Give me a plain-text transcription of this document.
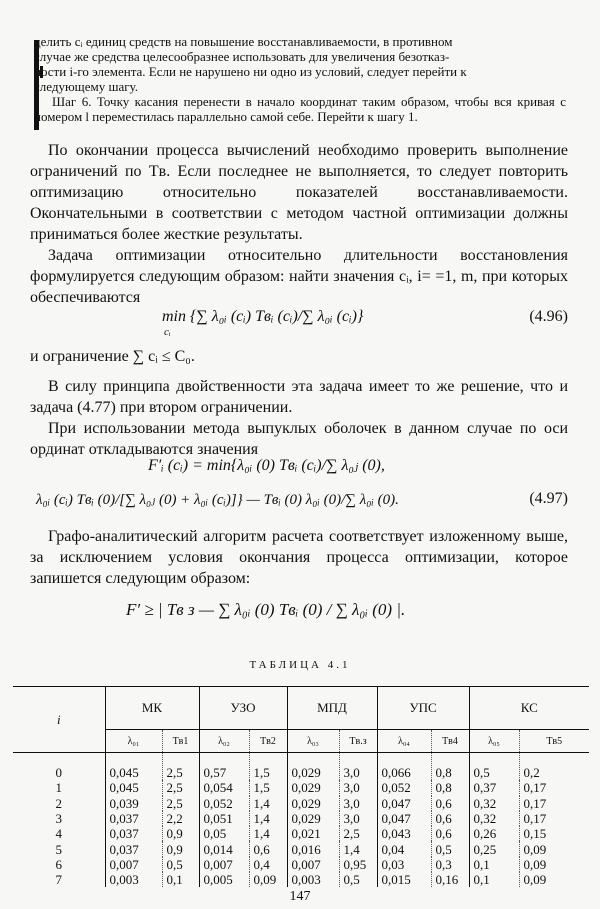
делить cᵢ единиц средств на повышение восстанавливаемости, в противном

случае же средства целесообразнее использовать для увеличения безотказ-

ности i-го элемента. Если не нарушено ни одно из условий, следует перейти к

следующему шагу.

Шаг 6. Точку касания перенести в начало координат таким образом, чтобы вся кривая с номером l переместилась параллельно самой себе. Перейти к шагу 1.

По окончании процесса вычислений необходимо проверить выполнение ограничений по Tв. Если последнее не выполняется, то следует повторить оптимизацию относительно показателей восстанавливаемости. Окончательными в соответствии с методом частной оптимизации должны приниматься более жесткие результаты.

Задача оптимизации относительно длительности восстановления формулируется следующим образом: найти значения cᵢ, i= =1, m, при которых обеспечиваются

min {∑ λ₀ᵢ (cᵢ) Tвᵢ (cᵢ)/∑ λ₀ᵢ (cᵢ)}
cᵢ
(4.96)

и ограничение ∑ cᵢ ≤ C₀.

В силу принципа двойственности эта задача имеет то же решение, что и задача (4.77) при втором ограничении.

При использовании метода выпуклых оболочек в данном случае по оси ординат откладываются значения

F′ᵢ (cᵢ) = min{λ₀ᵢ (0) Tвᵢ (cᵢ)/∑ λ₀ⱼ (0),
λ₀ᵢ (cᵢ) Tвᵢ (0)/[∑ λ₀ⱼ (0) + λ₀ᵢ (cᵢ)]} — Tвᵢ (0) λ₀ᵢ (0)/∑ λ₀ᵢ (0).	(4.97)

Графо-аналитический алгоритм расчета соответствует изложенному выше, за исключением условия окончания процесса оптимизации, которое запишется следующим образом:

F′ ≥ | Tв з — ∑ λ₀ᵢ (0) Tвᵢ (0) / ∑ λ₀ᵢ (0) |.
ТАБЛИЦА 4.1
i	МК		УЗО		МПД		УПС		КС	
	λ₀₁	Tв1	λ₀₂	Tв2	λ₀₃	Tв.з	λ₀₄	Tв4	λ₀₅	Tв5
0	0,045	2,5	0,57	1,5	0,029	3,0	0,066	0,8	0,5	0,2
1	0,045	2,5	0,054	1,5	0,029	3,0	0,052	0,8	0,37	0,17
2	0,039	2,5	0,052	1,4	0,029	3,0	0,047	0,6	0,32	0,17
3	0,037	2,2	0,051	1,4	0,029	3,0	0,047	0,6	0,32	0,17
4	0,037	0,9	0,05	1,4	0,021	2,5	0,043	0,6	0,26	0,15
5	0,037	0,9	0,014	0,6	0,016	1,4	0,04	0,5	0,25	0,09
6	0,007	0,5	0,007	0,4	0,007	0,95	0,03	0,3	0,1	0,09
7	0,003	0,1	0,005	0,09	0,003	0,5	0,015	0,16	0,1	0,09
147
